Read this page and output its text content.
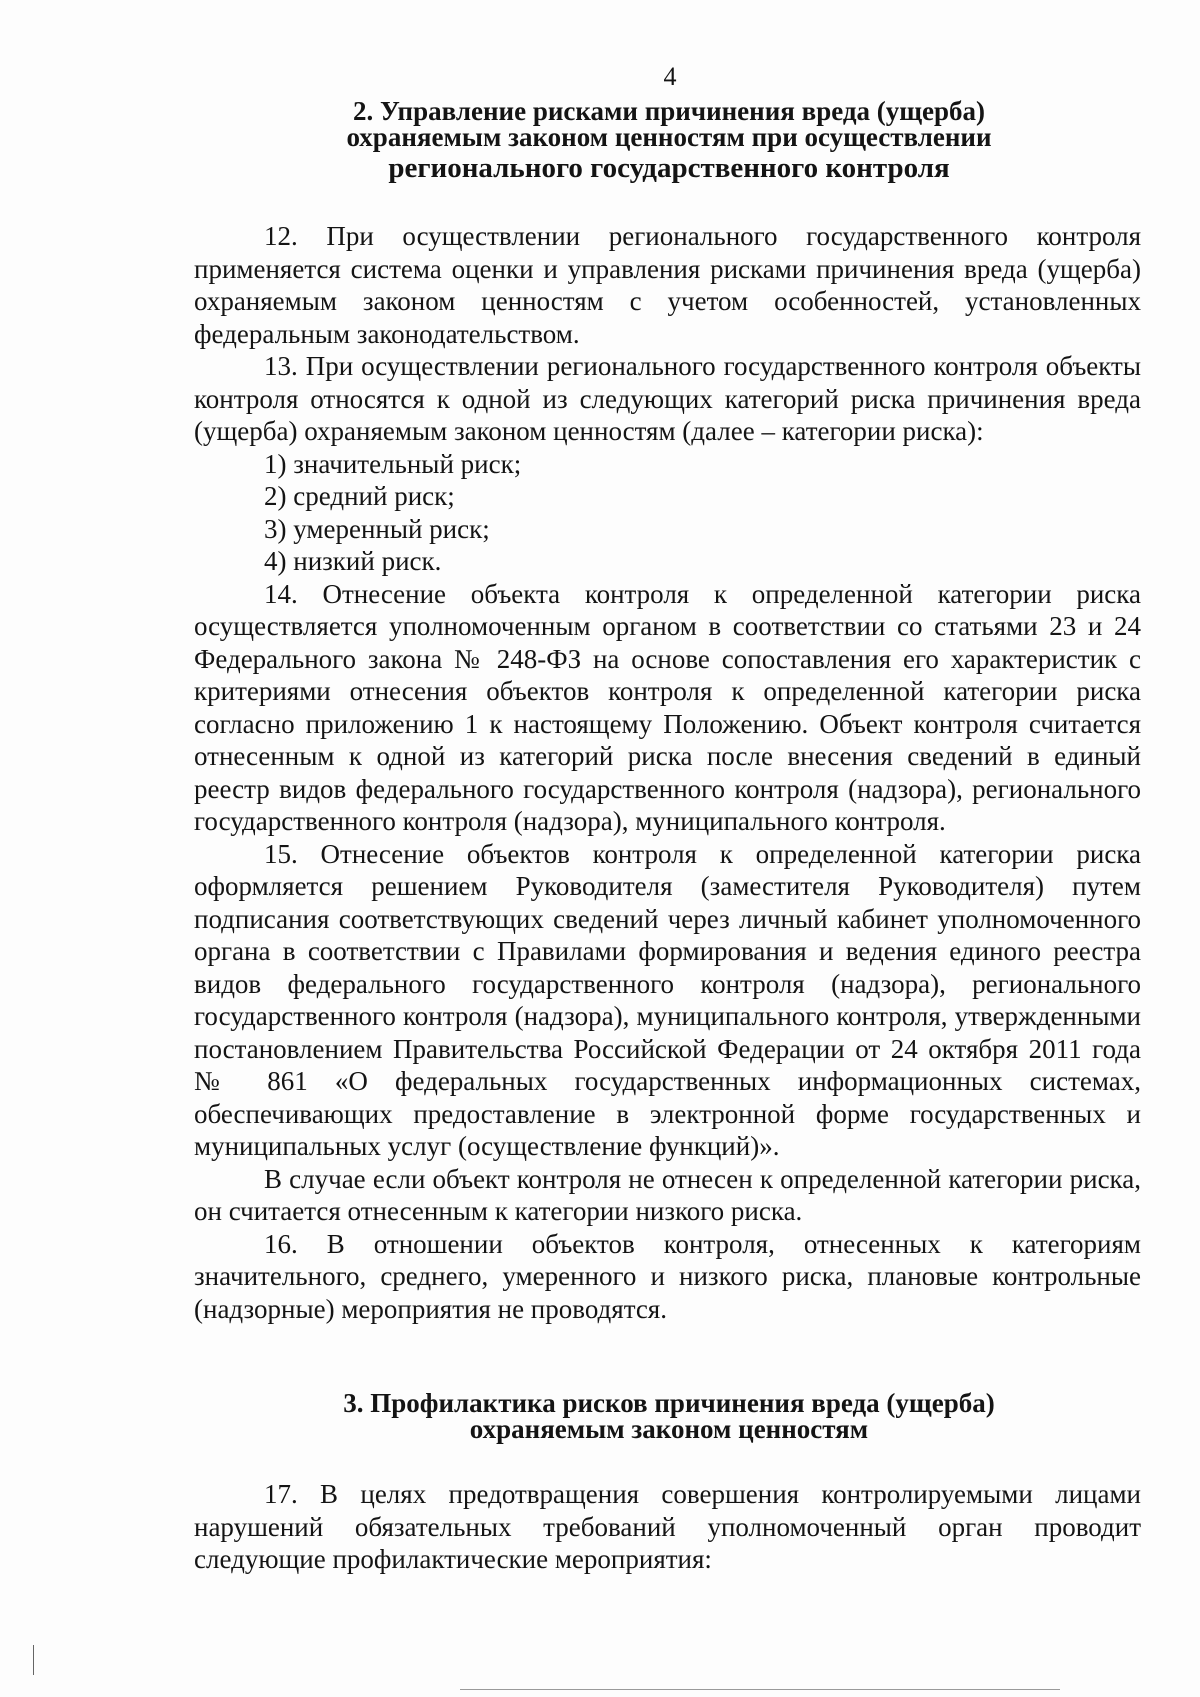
4
2. Управление рисками причинения вреда (ущерба)
охраняемым законом ценностям при осуществлении
регионального государственного контроля

12. При осуществлении регионального государственного контроля применяется система оценки и управления рисками причинения вреда (ущерба) охраняемым законом ценностям с учетом особенностей, установленных федеральным законодательством.

13. При осуществлении регионального государственного контроля объекты контроля относятся к одной из следующих категорий риска причинения вреда (ущерба) охраняемым законом ценностям (далее – категории риска):

1) значительный риск;

2) средний риск;

3) умеренный риск;

4) низкий риск.

14. Отнесение объекта контроля к определенной категории риска осуществляется уполномоченным органом в соответствии со статьями 23 и 24 Федерального закона № 248-ФЗ на основе сопоставления его характеристик с критериями отнесения объектов контроля к определенной категории риска согласно приложению 1 к настоящему Положению. Объект контроля считается отнесенным к одной из категорий риска после внесения сведений в единый реестр видов федерального государственного контроля (надзора), регионального государственного контроля (надзора), муниципального контроля.

15. Отнесение объектов контроля к определенной категории риска оформляется решением Руководителя (заместителя Руководителя) путем подписания соответствующих сведений через личный кабинет уполномоченного органа в соответствии с Правилами формирования и ведения единого реестра видов федерального государственного контроля (надзора), регионального государственного контроля (надзора), муниципального контроля, утвержденными постановлением Правительства Российской Федерации от 24 октября 2011 года № 861 «О федеральных государственных информационных системах, обеспечивающих предоставление в электронной форме государственных и муниципальных услуг (осуществление функций)».

В случае если объект контроля не отнесен к определенной категории риска, он считается отнесенным к категории низкого риска.

16. В отношении объектов контроля, отнесенных к категориям значительного, среднего, умеренного и низкого риска, плановые контрольные (надзорные) мероприятия не проводятся.

3. Профилактика рисков причинения вреда (ущерба)
охраняемым законом ценностям

17. В целях предотвращения совершения контролируемыми лицами нарушений обязательных требований уполномоченный орган проводит следующие профилактические мероприятия:
